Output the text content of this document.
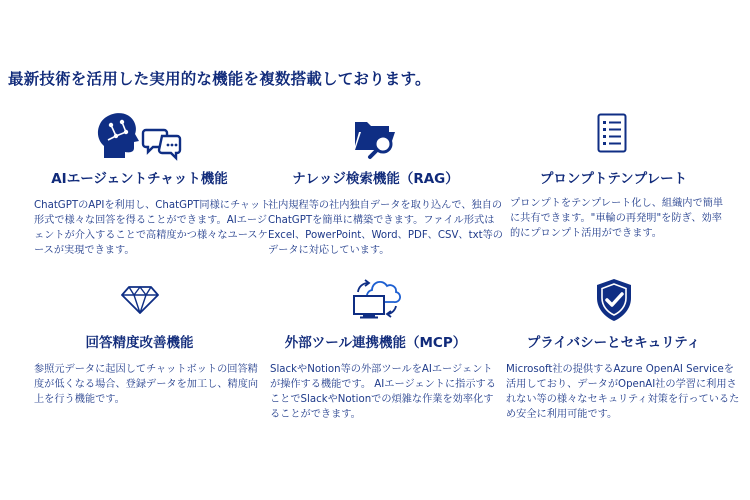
最新技術を活用した実用的な機能を複数搭載しております。
AIエージェントチャット機能
ChatGPTのAPIを利用し、ChatGPT同様にチャット形式で様々な回答を得ることができます。AIエージェントが介入することで高精度かつ様々なユースケースが実現できます。
ナレッジ検索機能（RAG）
社内規程等の社内独自データを取り込んで、独自のChatGPTを簡単に構築できます。ファイル形式はExcel、PowerPoint、Word、PDF、CSV、txt等のデータに対応しています。
プロンプトテンプレート
プロンプトをテンプレート化し、組織内で簡単に共有できます。"車輪の再発明"を防ぎ、効率的にプロンプト活用ができます。
回答精度改善機能
参照元データに起因してチャットボットの回答精度が低くなる場合、登録データを加工し、精度向上を行う機能です。
外部ツール連携機能（MCP）
SlackやNotion等の外部ツールをAIエージェントが操作する機能です。 AIエージェントに指示することでSlackやNotionでの煩雑な作業を効率化することができます。
プライバシーとセキュリティ
Microsoft社の提供するAzure OpenAI Serviceを活用しており、データがOpenAI社の学習に利用されない等の様々なセキュリティ対策を行っているため安全に利用可能です。
